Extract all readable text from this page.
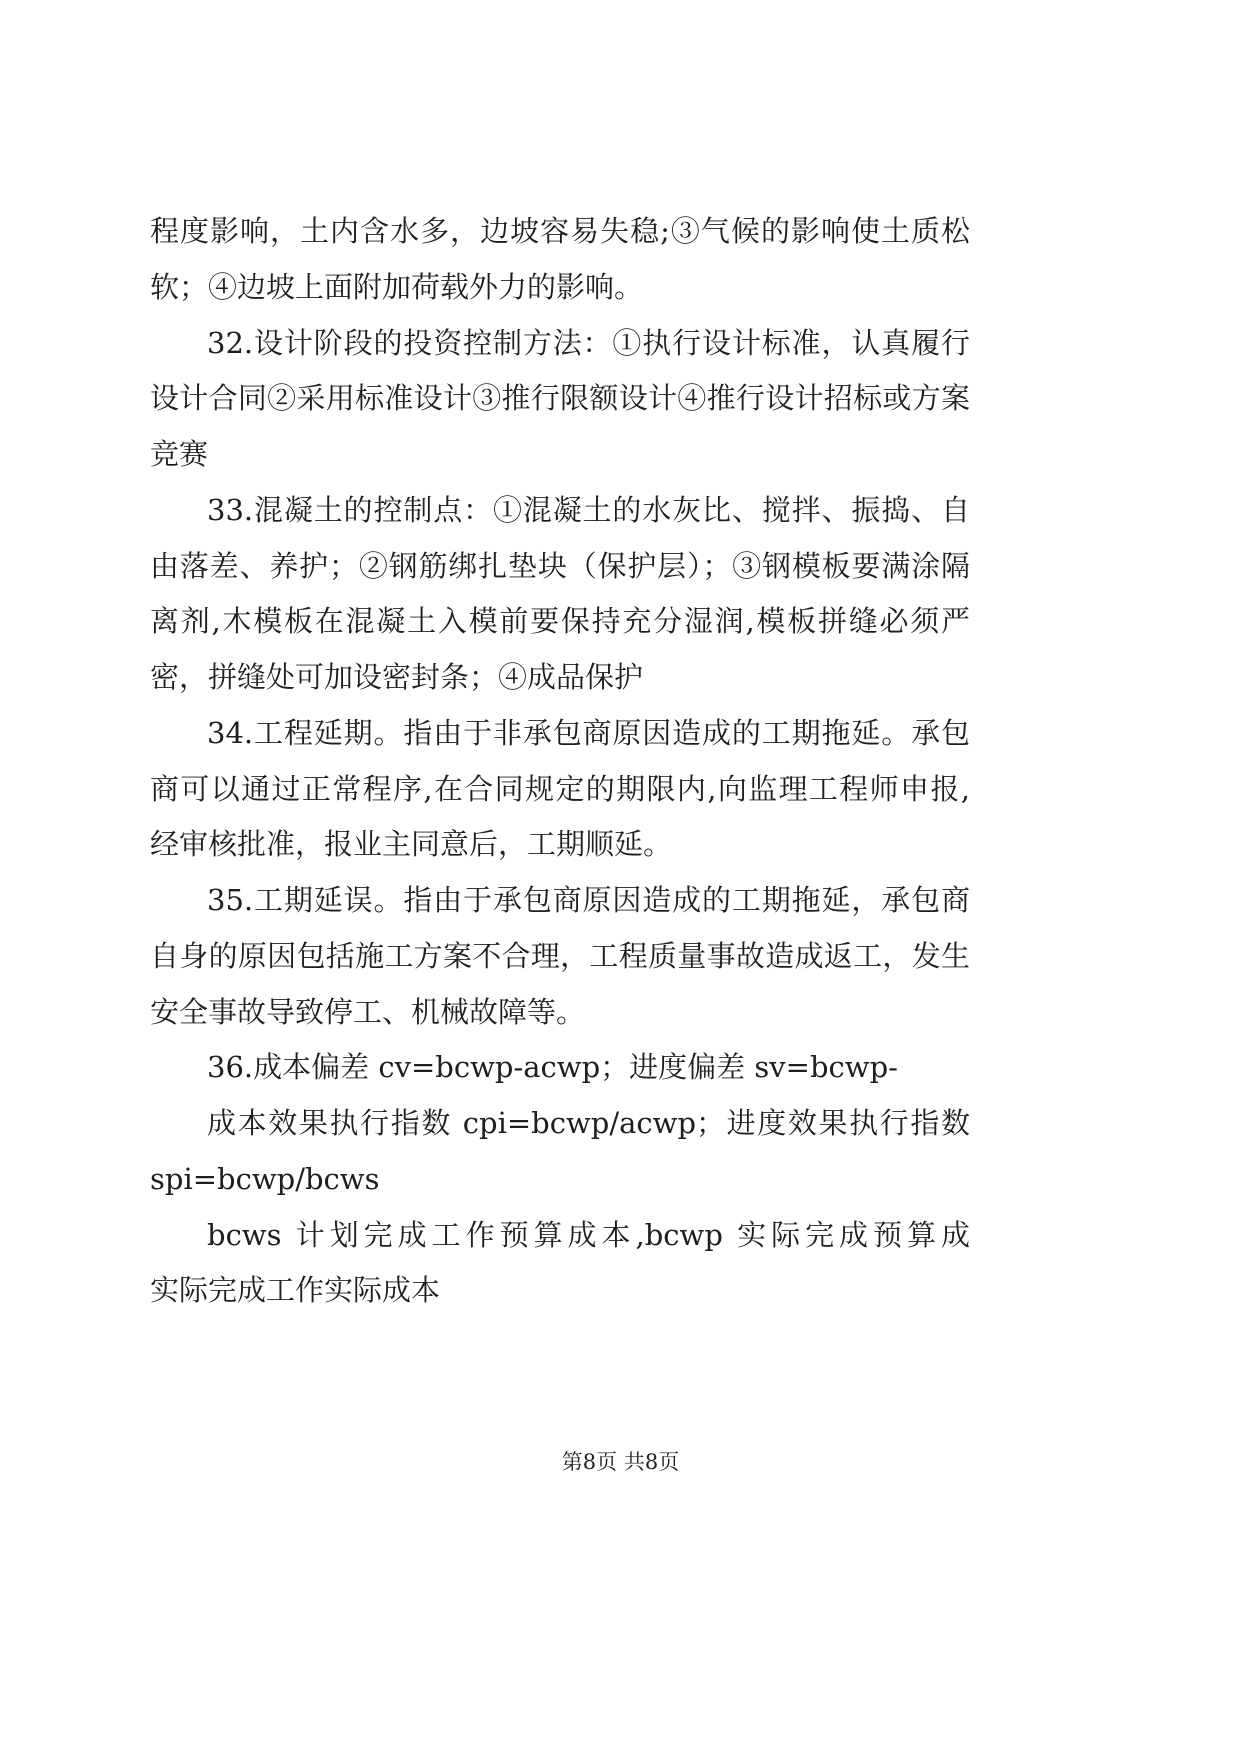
程度影响，土内含水多，边坡容易失稳;③气候的影响使土质松
软；④边坡上面附加荷载外力的影响。
32.设计阶段的投资控制方法：①执行设计标准，认真履行
设计合同②采用标准设计③推行限额设计④推行设计招标或方案
竞赛
33.混凝土的控制点：①混凝土的水灰比、搅拌、振捣、自
由落差、养护；②钢筋绑扎垫块（保护层）；③钢模板要满涂隔
离剂,木模板在混凝土入模前要保持充分湿润,模板拼缝必须严
密，拼缝处可加设密封条；④成品保护
34.工程延期。指由于非承包商原因造成的工期拖延。承包
商可以通过正常程序,在合同规定的期限内,向监理工程师申报,
经审核批准，报业主同意后，工期顺延。
35.工期延误。指由于承包商原因造成的工期拖延，承包商
自身的原因包括施工方案不合理，工程质量事故造成返工，发生
安全事故导致停工、机械故障等。
36.成本偏差 cv=bcwp-acwp；进度偏差 sv=bcwp-
成本效果执行指数 cpi=bcwp/acwp；进度效果执行指数
spi=bcwp/bcws
bcws 计划完成工作预算成本,bcwp 实际完成预算成
实际完成工作实际成本
第8页 共8页
